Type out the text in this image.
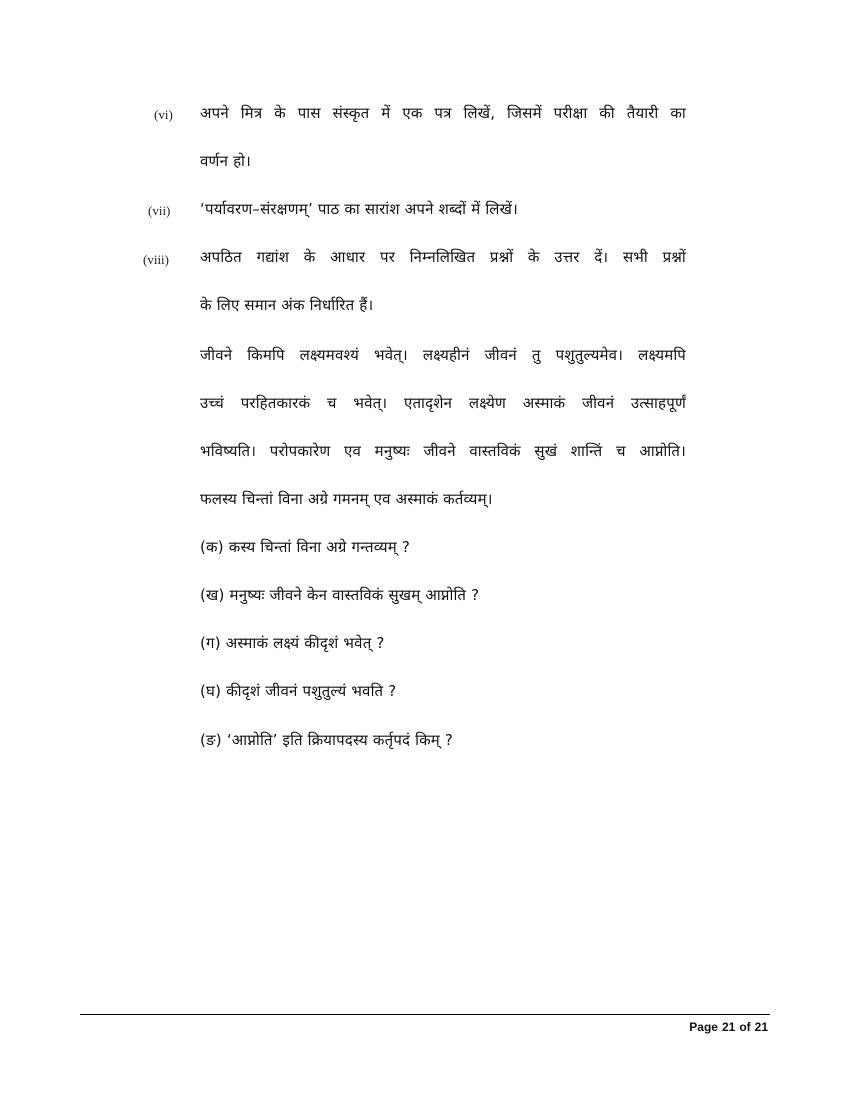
(vi) अपने मित्र के पास संस्कृत में एक पत्र लिखें, जिसमें परीक्षा की तैयारी का
वर्णन हो।
(vii) ‘पर्यावरण–संरक्षणम्’ पाठ का सारांश अपने शब्दों में लिखें।
(viii) अपठित गद्यांश के आधार पर निम्नलिखित प्रश्नों के उत्तर दें। सभी प्रश्नों
के लिए समान अंक निर्धारित हैं।
जीवने किमपि लक्ष्यमवश्यं भवेत्। लक्ष्यहीनं जीवनं तु पशुतुल्यमेव। लक्ष्यमपि
उच्चं परहितकारकं च भवेत्। एतादृशेन लक्ष्येण अस्माकं जीवनं उत्साहपूर्णं
भविष्यति। परोपकारेण एव मनुष्यः जीवने वास्तविकं सुखं शान्तिं च आप्नोति।
फलस्य चिन्तां विना अग्रे गमनम् एव अस्माकं कर्तव्यम्।
(क) कस्य चिन्तां विना अग्रे गन्तव्यम् ?
(ख) मनुष्यः जीवने केन वास्तविकं सुखम् आप्नोति ?
(ग) अस्माकं लक्ष्यं कीदृशं भवेत् ?
(घ) कीदृशं जीवनं पशुतुल्यं भवति ?
(ङ) ‘आप्नोति’ इति क्रियापदस्य कर्तृपदं किम् ?
Page 21 of 21
